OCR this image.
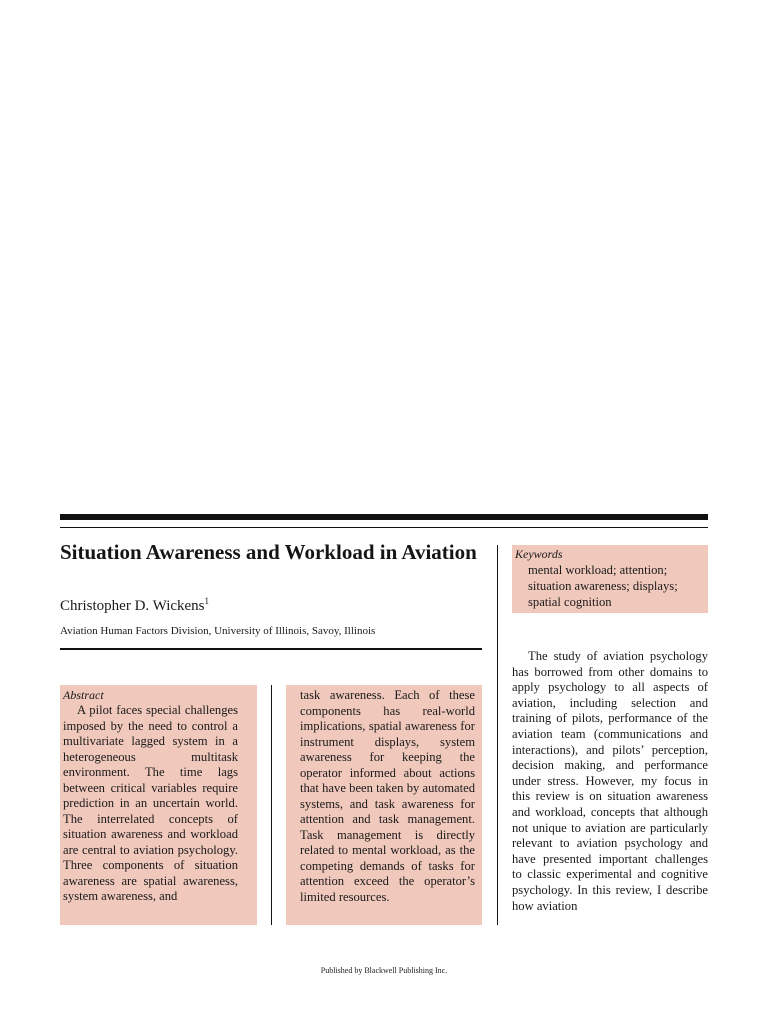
Situation Awareness and Workload in Aviation
Christopher D. Wickens$^1$
Aviation Human Factors Division, University of Illinois, Savoy, Illinois
Abstract
A pilot faces special challenges imposed by the need to control a multivariate lagged system in a heterogeneous multitask environment. The time lags between critical variables require prediction in an uncertain world. The interrelated concepts of situation awareness and workload are central to aviation psychology. Three components of situation awareness are spatial awareness, system awareness, and
task awareness. Each of these components has real-world implications, spatial awareness for instrument displays, system awareness for keeping the operator informed about actions that have been taken by automated systems, and task awareness for attention and task management. Task management is directly related to mental workload, as the competing demands of tasks for attention exceed the operator’s limited resources.
Keywords
mental workload; attention; situation awareness; displays; spatial cognition
The study of aviation psychology has borrowed from other domains to apply psychology to all aspects of aviation, including selection and training of pilots, performance of the aviation team (communications and interactions), and pilots’ perception, decision making, and performance under stress. However, my focus in this review is on situation awareness and workload, concepts that although not unique to aviation are particularly relevant to aviation psychology and have presented important challenges to classic experimental and cognitive psychology. In this review, I describe how aviation
Published by Blackwell Publishing Inc.
